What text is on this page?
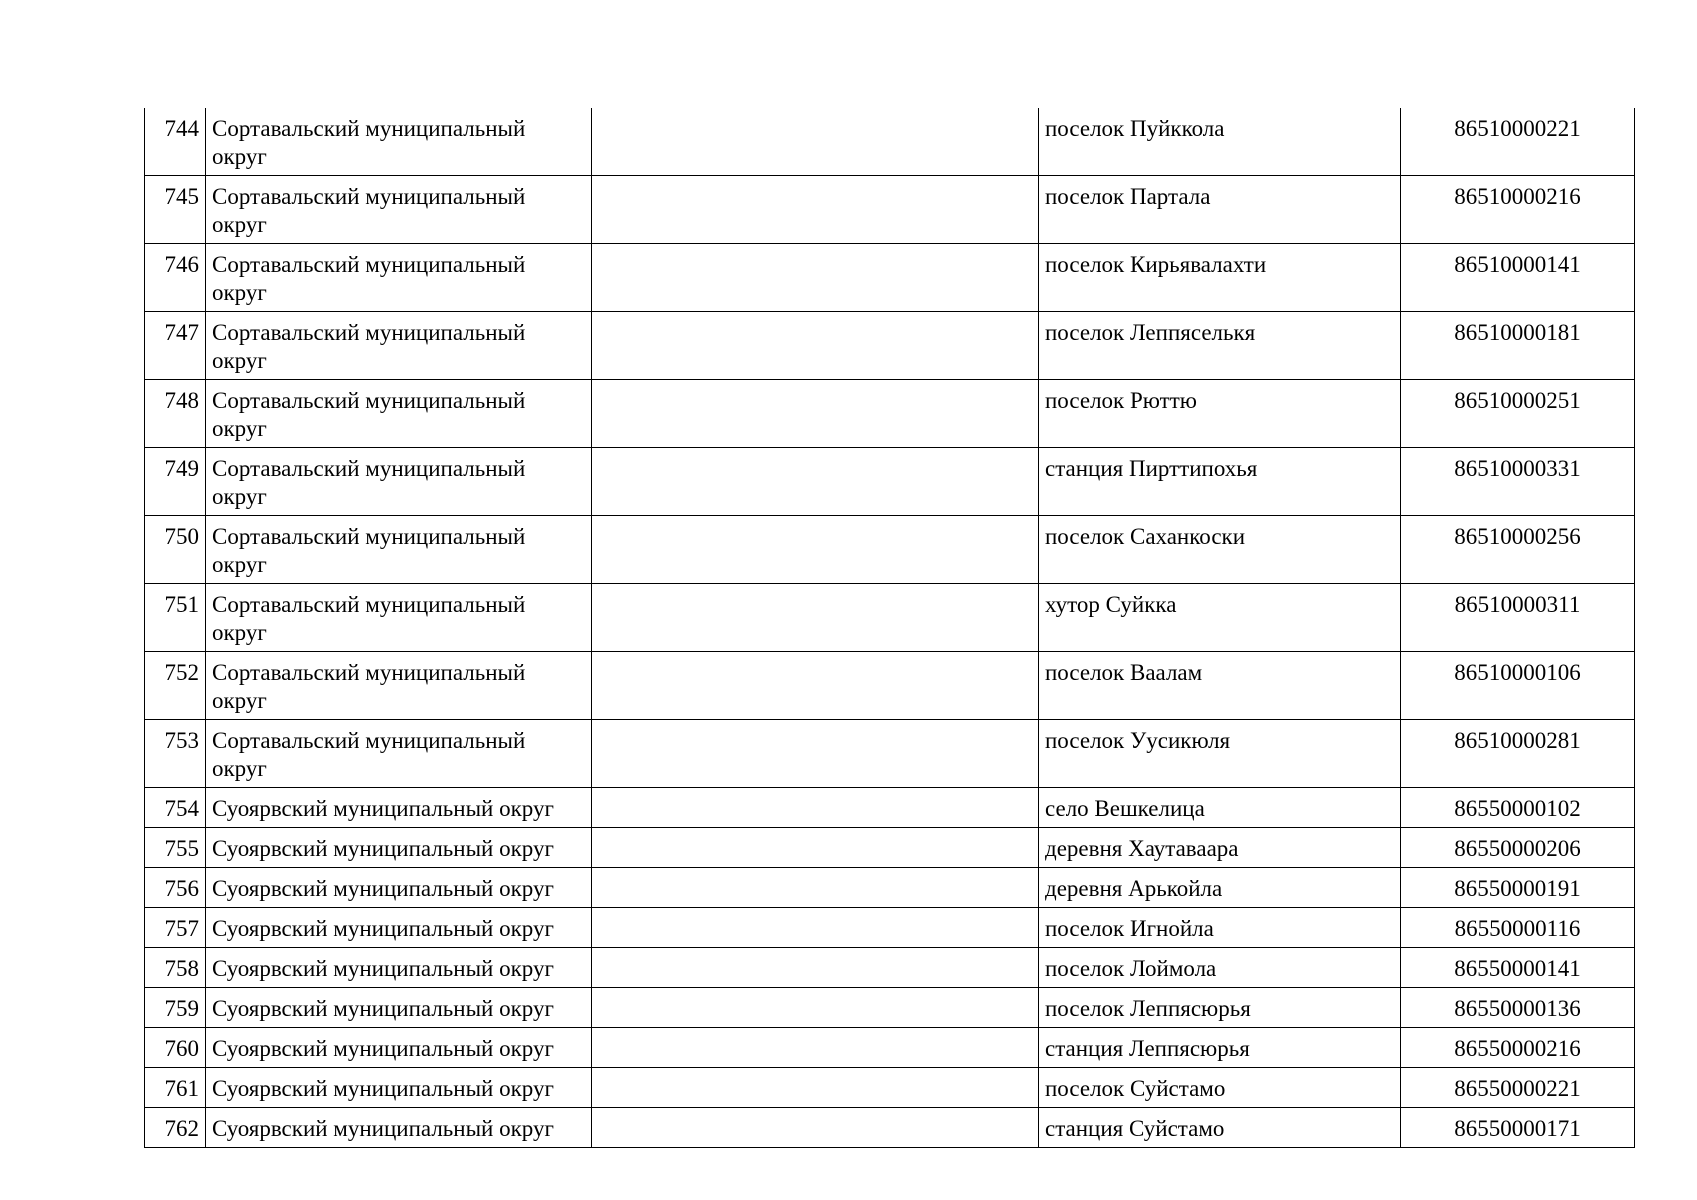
744	Сортавальский муниципальный округ		поселок Пуйккола	86510000221
745	Сортавальский муниципальный округ		поселок Партала	86510000216
746	Сортавальский муниципальный округ		поселок Кирьявалахти	86510000141
747	Сортавальский муниципальный округ		поселок Леппяселькя	86510000181
748	Сортавальский муниципальный округ		поселок Рюттю	86510000251
749	Сортавальский муниципальный округ		станция Пирттипохья	86510000331
750	Сортавальский муниципальный округ		поселок Саханкоски	86510000256
751	Сортавальский муниципальный округ		хутор Суйкка	86510000311
752	Сортавальский муниципальный округ		поселок Ваалам	86510000106
753	Сортавальский муниципальный округ		поселок Уусикюля	86510000281
754	Суоярвский муниципальный округ		село Вешкелица	86550000102
755	Суоярвский муниципальный округ		деревня Хаутаваара	86550000206
756	Суоярвский муниципальный округ		деревня Арькойла	86550000191
757	Суоярвский муниципальный округ		поселок Игнойла	86550000116
758	Суоярвский муниципальный округ		поселок Лоймола	86550000141
759	Суоярвский муниципальный округ		поселок Леппясюрья	86550000136
760	Суоярвский муниципальный округ		станция Леппясюрья	86550000216
761	Суоярвский муниципальный округ		поселок Суйстамо	86550000221
762	Суоярвский муниципальный округ		станция Суйстамо	86550000171
